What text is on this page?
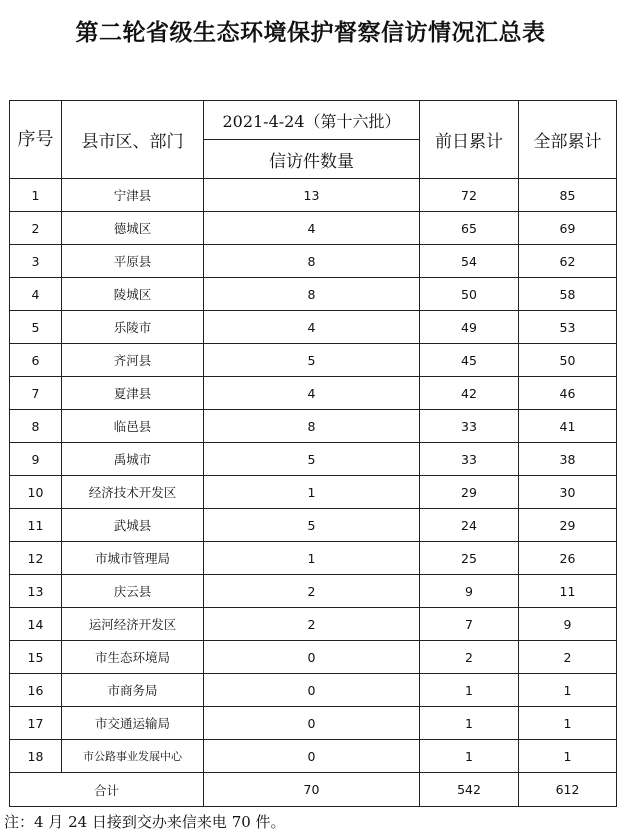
第二轮省级生态环境保护督察信访情况汇总表
序号	县市区、部门	2021-4-24（第十六批）	前日累计	全部累计
		信访件数量		
1	宁津县	13	72	85
2	德城区	4	65	69
3	平原县	8	54	62
4	陵城区	8	50	58
5	乐陵市	4	49	53
6	齐河县	5	45	50
7	夏津县	4	42	46
8	临邑县	8	33	41
9	禹城市	5	33	38
10	经济技术开发区	1	29	30
11	武城县	5	24	29
12	市城市管理局	1	25	26
13	庆云县	2	9	11
14	运河经济开发区	2	7	9
15	市生态环境局	0	2	2
16	市商务局	0	1	1
17	市交通运输局	0	1	1
18	市公路事业发展中心	0	1	1
合计		70	542	612
注：4 月 24 日接到交办来信来电 70 件。
